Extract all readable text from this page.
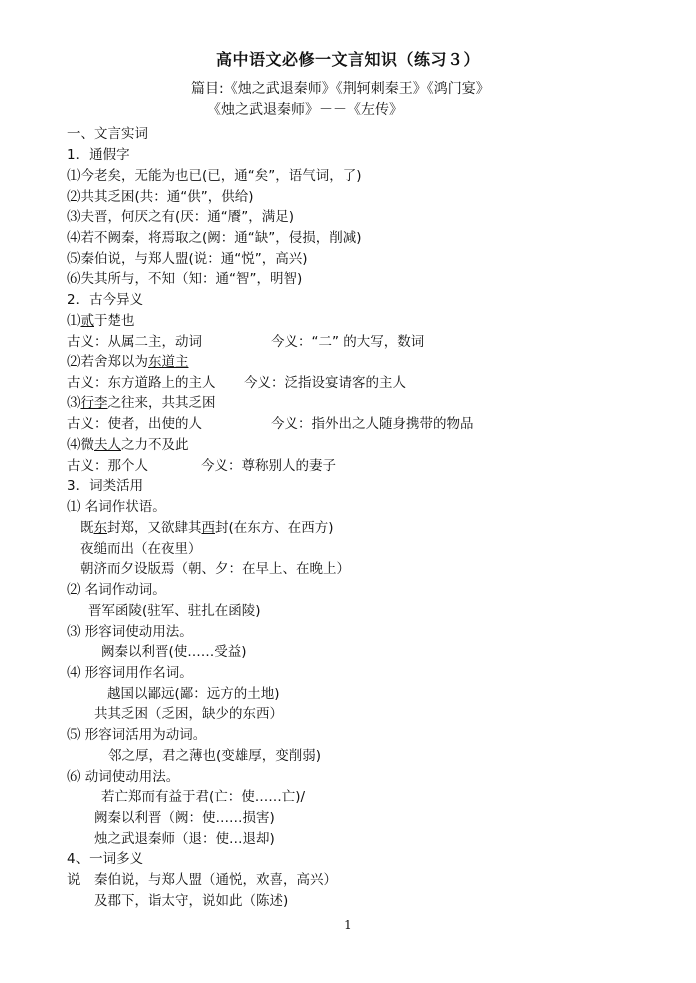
高中语文必修一文言知识（练习３）
篇目:《烛之武退秦师》《荆轲刺秦王》《鸿门宴》
《烛之武退秦师》－－《左传》
一、文言实词
1．通假字
⑴今老矣，无能为也已(已，通“矣”，语气词，了)
⑵共其乏困(共：通“供”，供给)
⑶夫晋，何厌之有(厌：通“餍”，满足)
⑷若不阙秦，将焉取之(阙：通“缺”，侵损，削减)
⑸秦伯说，与郑人盟(说：通“悦”，高兴)
⑹失其所与，不知（知：通“智”，明智)
2．古今异义
⑴贰于楚也
古义：从属二主，动词	今义：“二” 的大写，数词
⑵若舍郑以为东道主
古义：东方道路上的主人 今义：泛指设宴请客的主人
⑶行李之往来，共其乏困
古义：使者，出使的人	今义：指外出之人随身携带的物品
⑷微夫人之力不及此
古义：那个人	今义：尊称别人的妻子
3．词类活用
⑴ 名词作状语。
既东封郑，又欲肆其西封(在东方、在西方)
夜缒而出（在夜里）
朝济而夕设版焉（朝、夕：在早上、在晚上）
⑵ 名词作动词。
晋军函陵(驻军、驻扎在函陵)
⑶ 形容词使动用法。
阙秦以利晋(使……受益)
⑷ 形容词用作名词。
越国以鄙远(鄙：远方的土地)
共其乏困（乏困，缺少的东西）
⑸ 形容词活用为动词。
邻之厚，君之薄也(变雄厚，变削弱)
⑹ 动词使动用法。
若亡郑而有益于君(亡：使……亡)/
阙秦以利晋（阙：使……损害)
烛之武退秦师（退：使…退却)
4、一词多义
说 秦伯说，与郑人盟（通悦，欢喜，高兴）
及郡下，诣太守，说如此（陈述)
1
